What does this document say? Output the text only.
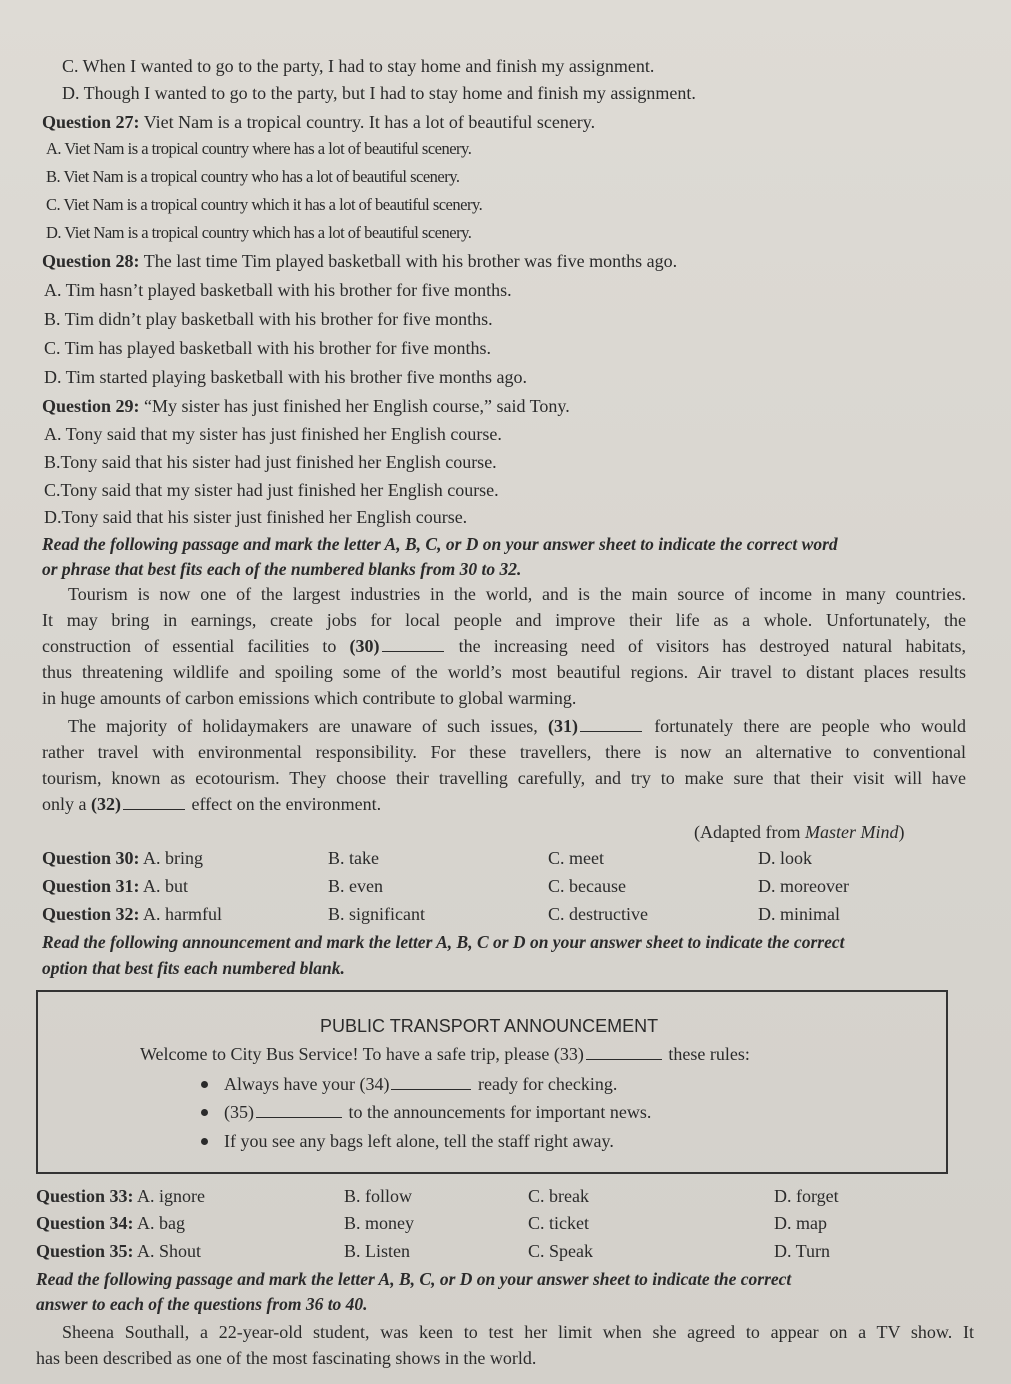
C. When I wanted to go to the party, I had to stay home and finish my assignment.
D. Though I wanted to go to the party, but I had to stay home and finish my assignment.
Question 27: Viet Nam is a tropical country. It has a lot of beautiful scenery.
A. Viet Nam is a tropical country where has a lot of beautiful scenery.
B. Viet Nam is a tropical country who has a lot of beautiful scenery.
C. Viet Nam is a tropical country which it has a lot of beautiful scenery.
D. Viet Nam is a tropical country which has a lot of beautiful scenery.
Question 28: The last time Tim played basketball with his brother was five months ago.
A. Tim hasn’t played basketball with his brother for five months.
B. Tim didn’t play basketball with his brother for five months.
C. Tim has played basketball with his brother for five months.
D. Tim started playing basketball with his brother five months ago.
Question 29: “My sister has just finished her English course,” said Tony.
A. Tony said that my sister has just finished her English course.
B.Tony said that his sister had just finished her English course.
C.Tony said that my sister had just finished her English course.
D.Tony said that his sister just finished her English course.
Read the following passage and mark the letter A, B, C, or D on your answer sheet to indicate the correct word
or phrase that best fits each of the numbered blanks from 30 to 32.
Tourism is now one of the largest industries in the world, and is the main source of income in many countries.
It may bring in earnings, create jobs for local people and improve their life as a whole. Unfortunately, the
construction of essential facilities to (30)	the increasing need of visitors has destroyed natural habitats,
thus threatening wildlife and spoiling some of the world’s most beautiful regions. Air travel to distant places results
in huge amounts of carbon emissions which contribute to global warming.
The majority of holidaymakers are unaware of such issues, (31)	fortunately there are people who would
rather travel with environmental responsibility. For these travellers, there is now an alternative to conventional
tourism, known as ecotourism. They choose their travelling carefully, and try to make sure that their visit will have
only a (32)	effect on the environment.
(Adapted from Master Mind)
Question 30: A. bring	B. take	C. meet	D. look
Question 31: A. but	B. even	C. because	D. moreover
Question 32: A. harmful	B. significant	C. destructive	D. minimal
Read the following announcement and mark the letter A, B, C or D on your answer sheet to indicate the correct
option that best fits each numbered blank.
PUBLIC TRANSPORT ANNOUNCEMENT
Welcome to City Bus Service! To have a safe trip, please (33)	these rules:
Always have your (34)	ready for checking.
(35)	to the announcements for important news.
If you see any bags left alone, tell the staff right away.
Question 33: A. ignore	B. follow	C. break	D. forget
Question 34: A. bag	B. money	C. ticket	D. map
Question 35: A. Shout	B. Listen	C. Speak	D. Turn
Read the following passage and mark the letter A, B, C, or D on your answer sheet to indicate the correct
answer to each of the questions from 36 to 40.
Sheena Southall, a 22-year-old student, was keen to test her limit when she agreed to appear on a TV show. It
has been described as one of the most fascinating shows in the world.
